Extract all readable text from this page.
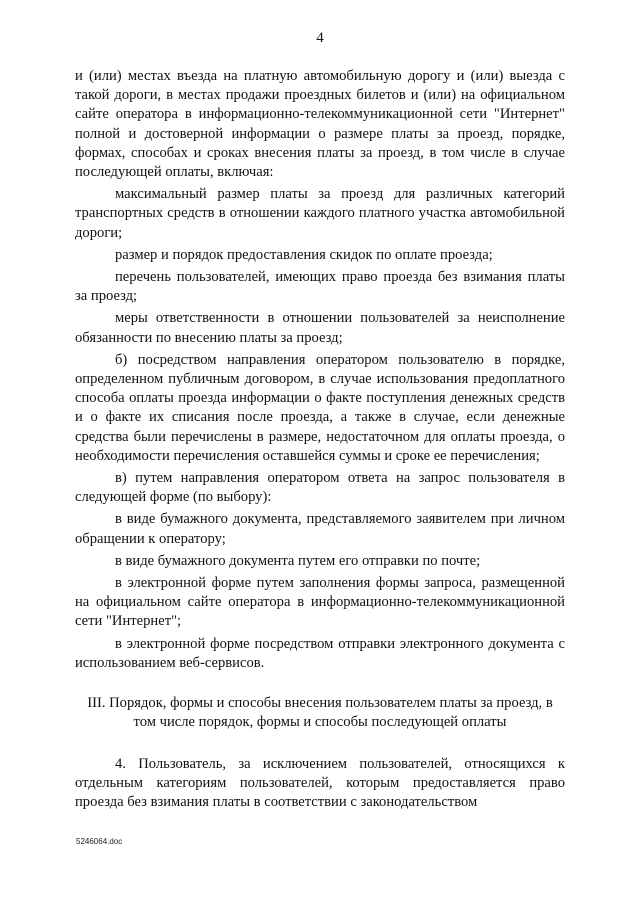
4

и (или) местах въезда на платную автомобильную дорогу и (или) выезда с такой дороги, в местах продажи проездных билетов и (или) на официальном сайте оператора в информационно-телекоммуникационной сети "Интернет" полной и достоверной информации о размере платы за проезд, порядке, формах, способах и сроках внесения платы за проезд, в том числе в случае последующей оплаты, включая:

максимальный размер платы за проезд для различных категорий транспортных средств в отношении каждого платного участка автомобильной дороги;

размер и порядок предоставления скидок по оплате проезда;

перечень пользователей, имеющих право проезда без взимания платы за проезд;

меры ответственности в отношении пользователей за неисполнение обязанности по внесению платы за проезд;

б) посредством направления оператором пользователю в порядке, определенном публичным договором, в случае использования предоплатного способа оплаты проезда информации о факте поступления денежных средств и о факте их списания после проезда, а также в случае, если денежные средства были перечислены в размере, недостаточном для оплаты проезда, о необходимости перечисления оставшейся суммы и сроке ее перечисления;

в) путем направления оператором ответа на запрос пользователя в следующей форме (по выбору):

в виде бумажного документа, представляемого заявителем при личном обращении к оператору;

в виде бумажного документа путем его отправки по почте;

в электронной форме путем заполнения формы запроса, размещенной на официальном сайте оператора в информационно-телекоммуникационной сети "Интернет";

в электронной форме посредством отправки электронного документа с использованием веб-сервисов.

III. Порядок, формы и способы внесения пользователем платы за проезд, в том числе порядок, формы и способы последующей оплаты

4. Пользователь, за исключением пользователей, относящихся к отдельным категориям пользователей, которым предоставляется право проезда без взимания платы в соответствии с законодательством

5246064.doc
